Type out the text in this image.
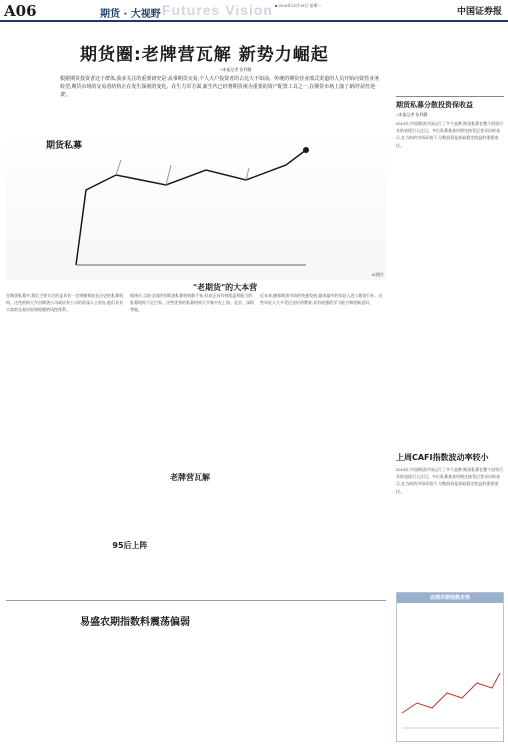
A06	期货 · 大视野 Futures Vision ■ 2014年12月15日 星期一
中国证券报
期货圈:老牌营瓦解 新势力崛起
□本报记者 张利静
根据期货投资者这个群体,我多关注的重要研究是:从事期货交易,个人大户投资者的占比大不如前。传统的期货营业部式渠道的人员开始向资管业务转型,期货市场的交易者结构正在发生深刻的变化。在生力军方面,新生代已经将期货视为重要的资产配置工具之一,在期货市场上演了新的'屌丝逆袭'。
期货私募
IC图片
"老期货"的大本营
在期货私募中,我们主要关注的是具有一定规模和较长历史的私募机构。这些机构大多由期货公司或证券公司的资深人士创办,他们具有丰富的交易经验和稳健的风控体系。
据统计,目前全国约有期货私募机构数千家,但真正具有持续盈利能力的私募机构不足百家。这些优秀的私募机构大多集中在上海、北京、深圳等地。
近年来,随着期货市场的快速发展,越来越多的年轻人进入期货行业。这些年轻人大多受过良好的教育,具有较强的学习能力和创新意识。
老牌营瓦解
95后上阵
易盛农期指数料震荡偏弱
期货私募分散投资保收益
□本报记者 张利静
2014年,中国期货市场运行了多个品种,期货私募在整个投资行业的表现引人注目。多位私募基金经理在接受记者采访时表示,在当前的市场环境下,分散投资是获取稳定收益的重要途径。
上周CAFI指数波动率较小
2014年,中国期货市场运行了多个品种,期货私募在整个投资行业的表现引人注目。多位私募基金经理在接受记者采访时表示,在当前的市场环境下,分散投资是获取稳定收益的重要途径。
近期农期指数走势
